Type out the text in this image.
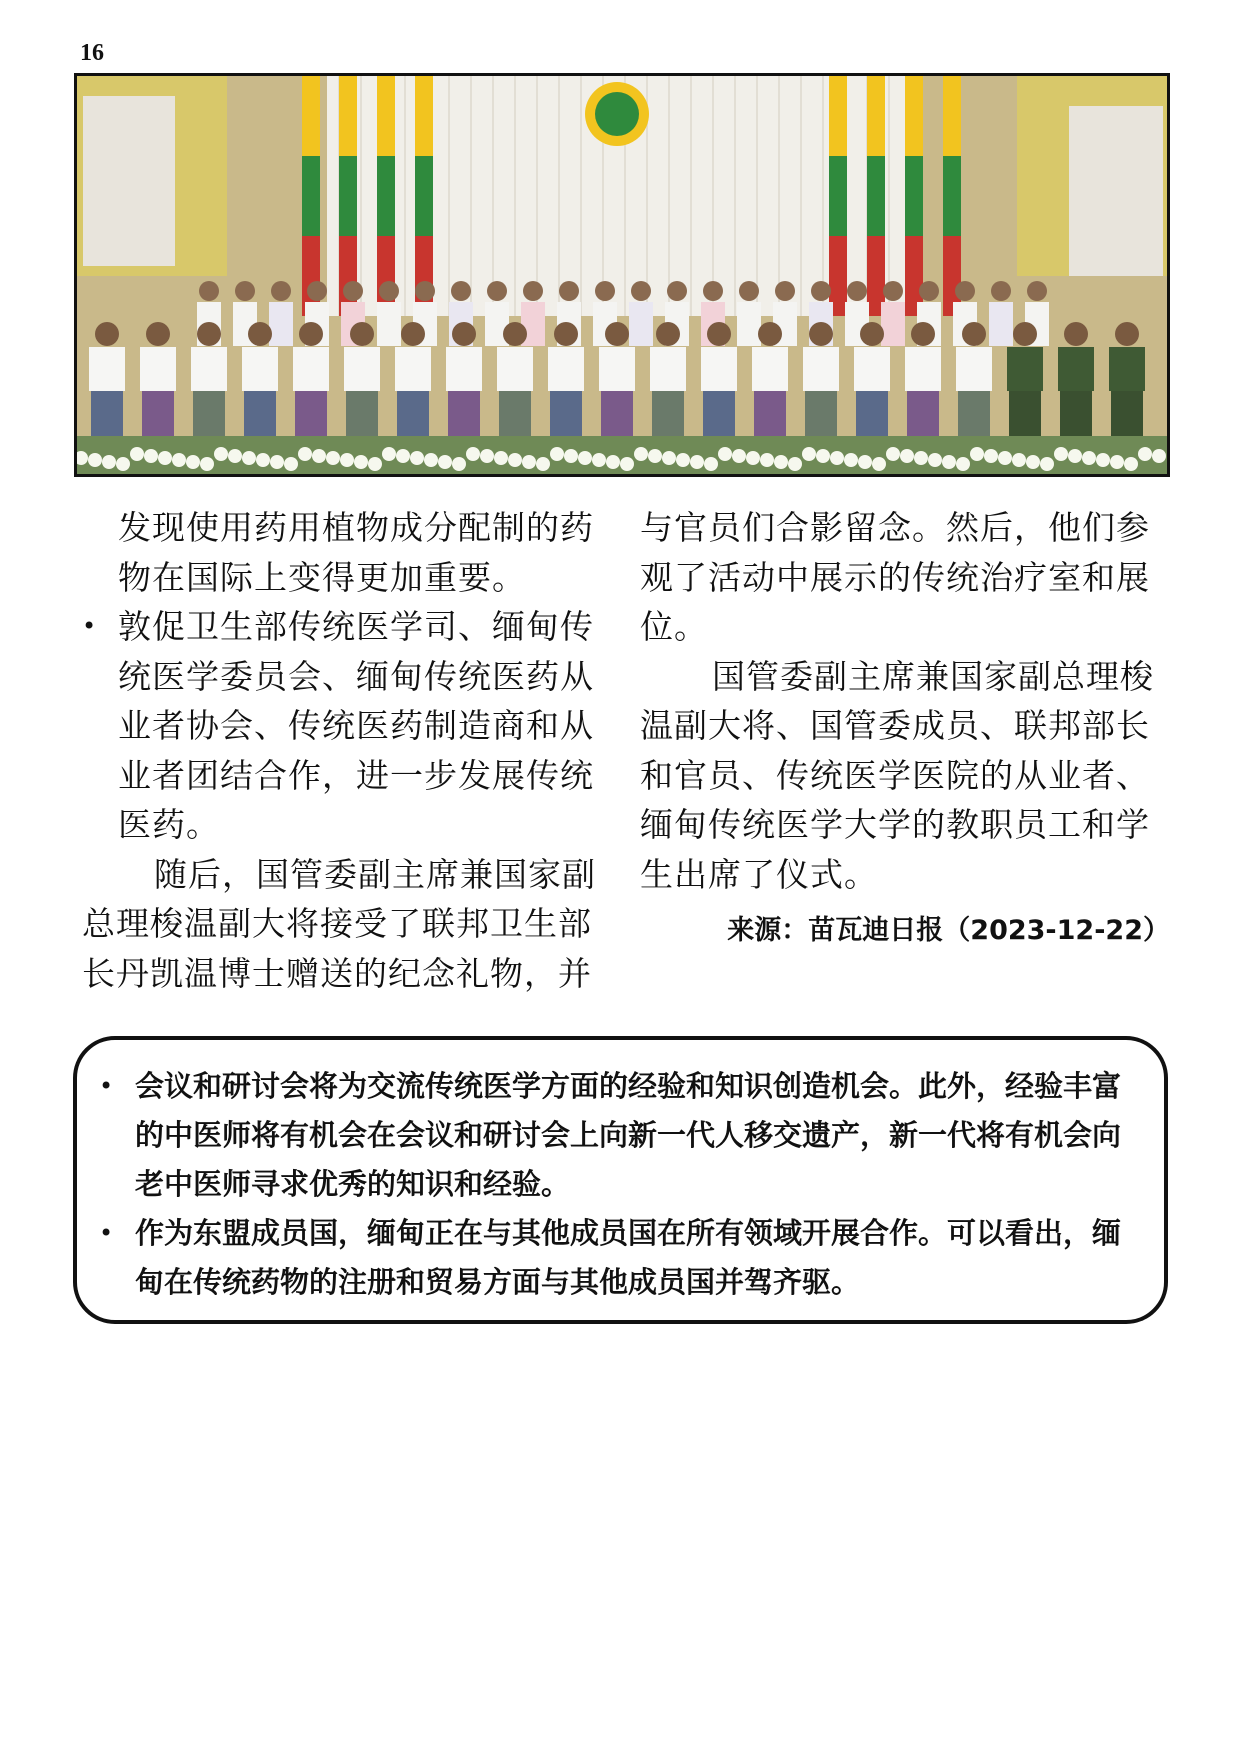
16

发现使用药用植物成分配制的药物在国际上变得更加重要。

• 敦促卫生部传统医学司、缅甸传统医学委员会、缅甸传统医药从业者协会、传统医药制造商和从业者团结合作，进一步发展传统医药。

随后，国管委副主席兼国家副总理梭温副大将接受了联邦卫生部长丹凯温博士赠送的纪念礼物，并

与官员们合影留念。然后，他们参观了活动中展示的传统治疗室和展位。

国管委副主席兼国家副总理梭温副大将、国管委成员、联邦部长和官员、传统医学医院的从业者、缅甸传统医学大学的教职员工和学生出席了仪式。

来源：苗瓦迪日报（2023-12-22）

• 会议和研讨会将为交流传统医学方面的经验和知识创造机会。此外，经验丰富的中医师将有机会在会议和研讨会上向新一代人移交遗产，新一代将有机会向老中医师寻求优秀的知识和经验。
• 作为东盟成员国，缅甸正在与其他成员国在所有领域开展合作。可以看出，缅甸在传统药物的注册和贸易方面与其他成员国并驾齐驱。
